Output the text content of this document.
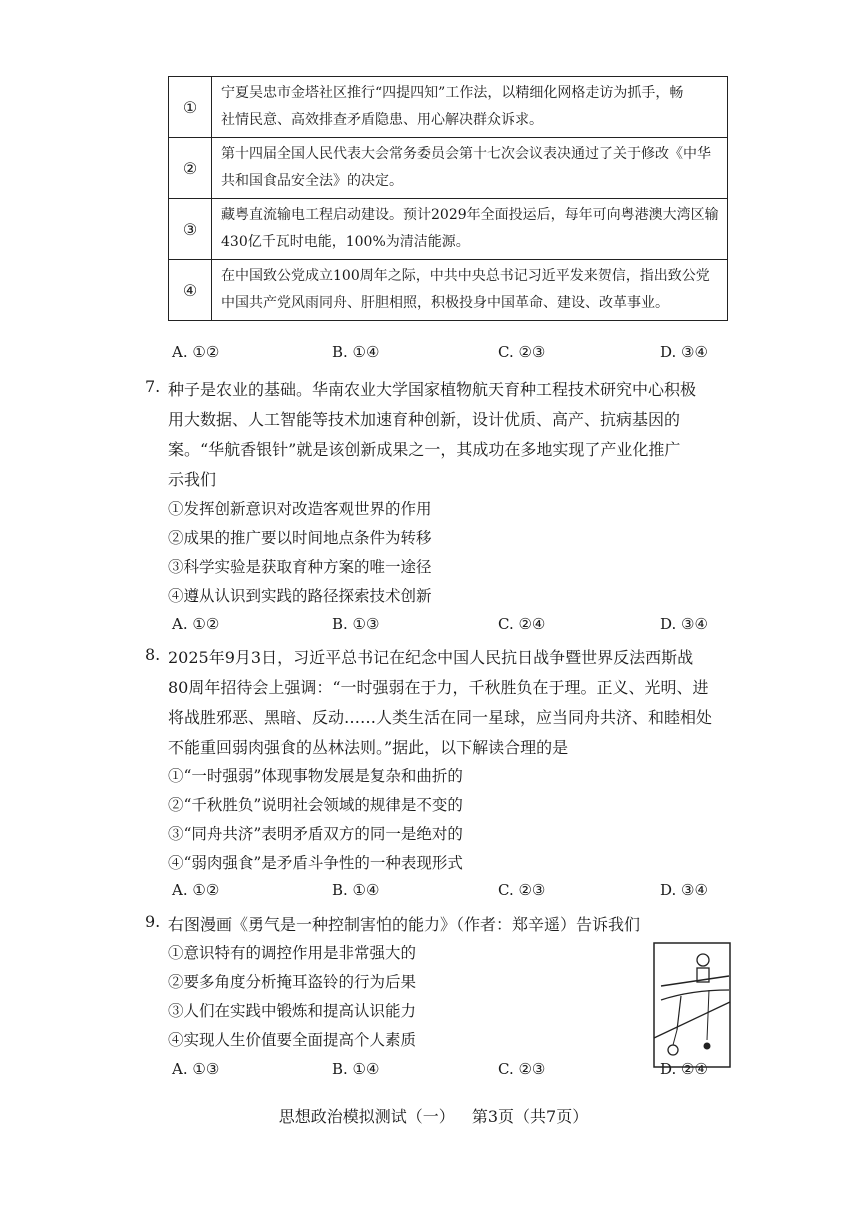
①	宁夏吴忠市金塔社区推行“四提四知”工作法，以精细化网格走访为抓手，畅
社情民意、高效排查矛盾隐患、用心解决群众诉求。

②	第十四届全国人民代表大会常务委员会第十七次会议表决通过了关于修改《中华
共和国食品安全法》的决定。

③	藏粤直流输电工程启动建设。预计2029年全面投运后，每年可向粤港澳大湾区输
430亿千瓦时电能，100%为清洁能源。

④	在中国致公党成立100周年之际，中共中央总书记习近平发来贺信，指出致公党
中国共产党风雨同舟、肝胆相照，积极投身中国革命、建设、改革事业。
A. ①②	B. ①④	C. ②③	D. ③④
7. 种子是农业的基础。华南农业大学国家植物航天育种工程技术研究中心积极
用大数据、人工智能等技术加速育种创新，设计优质、高产、抗病基因的
案。“华航香银针”就是该创新成果之一，其成功在多地实现了产业化推广
示我们
①发挥创新意识对改造客观世界的作用
②成果的推广要以时间地点条件为转移
③科学实验是获取育种方案的唯一途径
④遵从认识到实践的路径探索技术创新
A. ①②	B. ①③	C. ②④	D. ③④
8. 2025年9月3日，习近平总书记在纪念中国人民抗日战争暨世界反法西斯战
80周年招待会上强调：“一时强弱在于力，千秋胜负在于理。正义、光明、进
将战胜邪恶、黑暗、反动……人类生活在同一星球，应当同舟共济、和睦相处
不能重回弱肉强食的丛林法则。”据此，以下解读合理的是
①“一时强弱”体现事物发展是复杂和曲折的
②“千秋胜负”说明社会领域的规律是不变的
③“同舟共济”表明矛盾双方的同一是绝对的
④“弱肉强食”是矛盾斗争性的一种表现形式
A. ①②	B. ①④	C. ②③	D. ③④
9. 右图漫画《勇气是一种控制害怕的能力》（作者：郑辛遥）告诉我们
①意识特有的调控作用是非常强大的
②要多角度分析掩耳盗铃的行为后果
③人们在实践中锻炼和提高认识能力
④实现人生价值要全面提高个人素质
A. ①③	B. ①④	C. ②③	D. ②④
思想政治模拟测试（一） 第3页（共7页）
